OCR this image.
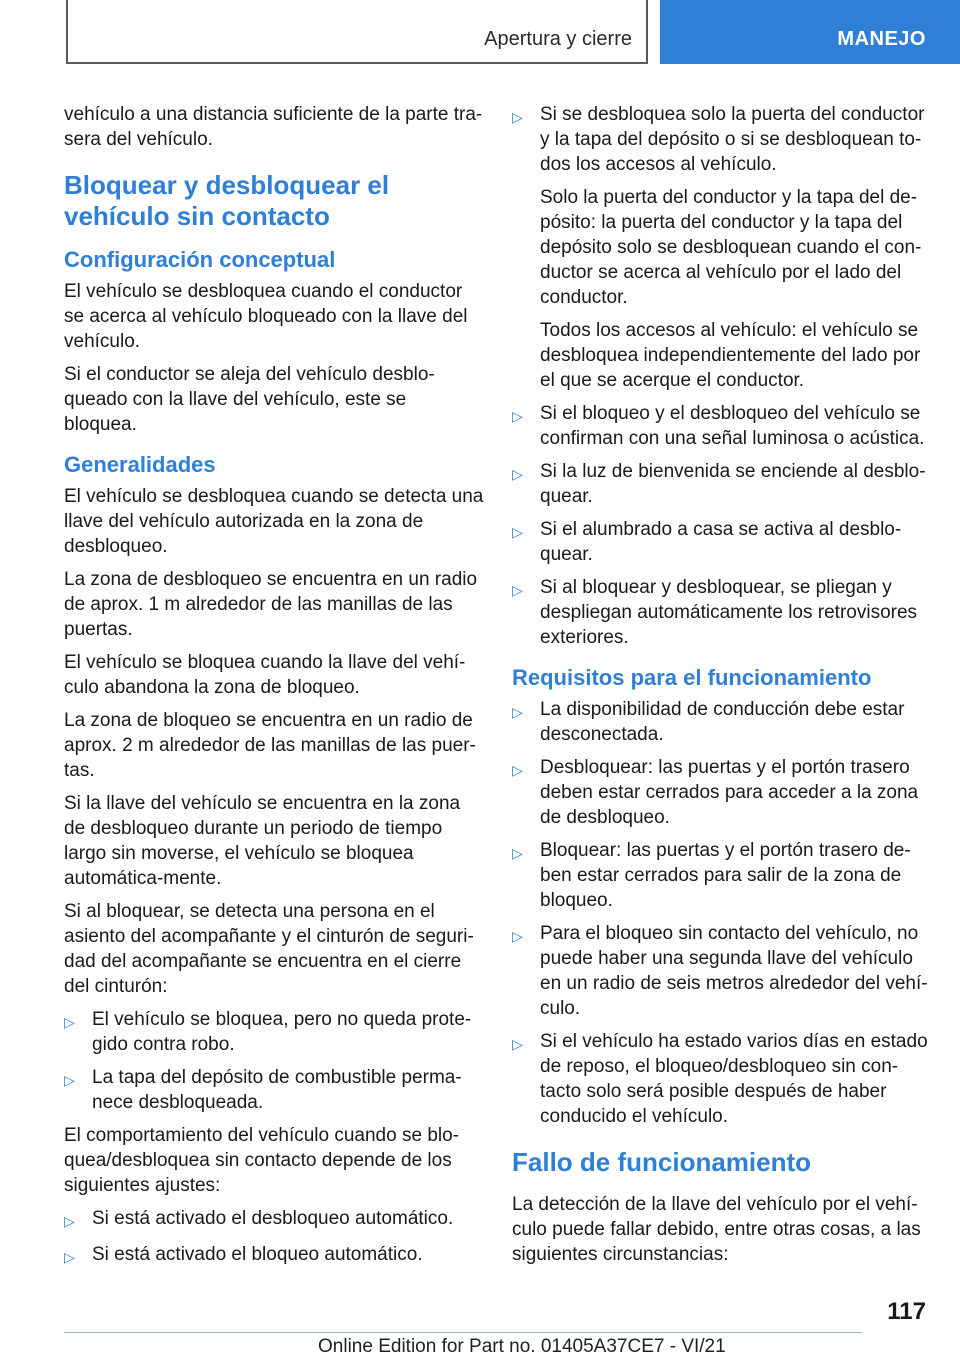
Apertura y cierre	MANEJO

vehículo a una distancia suficiente de la parte tra-sera del vehículo.

Bloquear y desbloquear el vehículo sin contacto
Configuración conceptual

El vehículo se desbloquea cuando el conductor se acerca al vehículo bloqueado con la llave del vehículo.

Si el conductor se aleja del vehículo desblo-queado con la llave del vehículo, este se bloquea.

Generalidades

El vehículo se desbloquea cuando se detecta una llave del vehículo autorizada en la zona de desbloqueo.

La zona de desbloqueo se encuentra en un radio de aprox. 1 m alrededor de las manillas de las puertas.

El vehículo se bloquea cuando la llave del vehí-culo abandona la zona de bloqueo.

La zona de bloqueo se encuentra en un radio de aprox. 2 m alrededor de las manillas de las puer-tas.

Si la llave del vehículo se encuentra en la zona de desbloqueo durante un periodo de tiempo largo sin moverse, el vehículo se bloquea automática-mente.

Si al bloquear, se detecta una persona en el asiento del acompañante y el cinturón de seguri-dad del acompañante se encuentra en el cierre del cinturón:

▷ El vehículo se bloquea, pero no queda prote-gido contra robo.
▷ La tapa del depósito de combustible perma-nece desbloqueada.

El comportamiento del vehículo cuando se blo-quea/desbloquea sin contacto depende de los siguientes ajustes:

▷ Si está activado el desbloqueo automático.
▷ Si está activado el bloqueo automático.
▷ Si se desbloquea solo la puerta del conductor y la tapa del depósito o si se desbloquean to-dos los accesos al vehículo.

Solo la puerta del conductor y la tapa del de-pósito: la puerta del conductor y la tapa del depósito solo se desbloquean cuando el con-ductor se acerca al vehículo por el lado del conductor.

Todos los accesos al vehículo: el vehículo se desbloquea independientemente del lado por el que se acerque el conductor.

▷ Si el bloqueo y el desbloqueo del vehículo se confirman con una señal luminosa o acústica.
▷ Si la luz de bienvenida se enciende al desblo-quear.
▷ Si el alumbrado a casa se activa al desblo-quear.
▷ Si al bloquear y desbloquear, se pliegan y despliegan automáticamente los retrovisores exteriores.
Requisitos para el funcionamiento
▷ La disponibilidad de conducción debe estar desconectada.
▷ Desbloquear: las puertas y el portón trasero deben estar cerrados para acceder a la zona de desbloqueo.
▷ Bloquear: las puertas y el portón trasero de-ben estar cerrados para salir de la zona de bloqueo.
▷ Para el bloqueo sin contacto del vehículo, no puede haber una segunda llave del vehículo en un radio de seis metros alrededor del vehí-culo.
▷ Si el vehículo ha estado varios días en estado de reposo, el bloqueo/desbloqueo sin con-tacto solo será posible después de haber conducido el vehículo.
Fallo de funcionamiento

La detección de la llave del vehículo por el vehí-culo puede fallar debido, entre otras cosas, a las siguientes circunstancias:

117
Online Edition for Part no. 01405A37CE7 - VI/21
